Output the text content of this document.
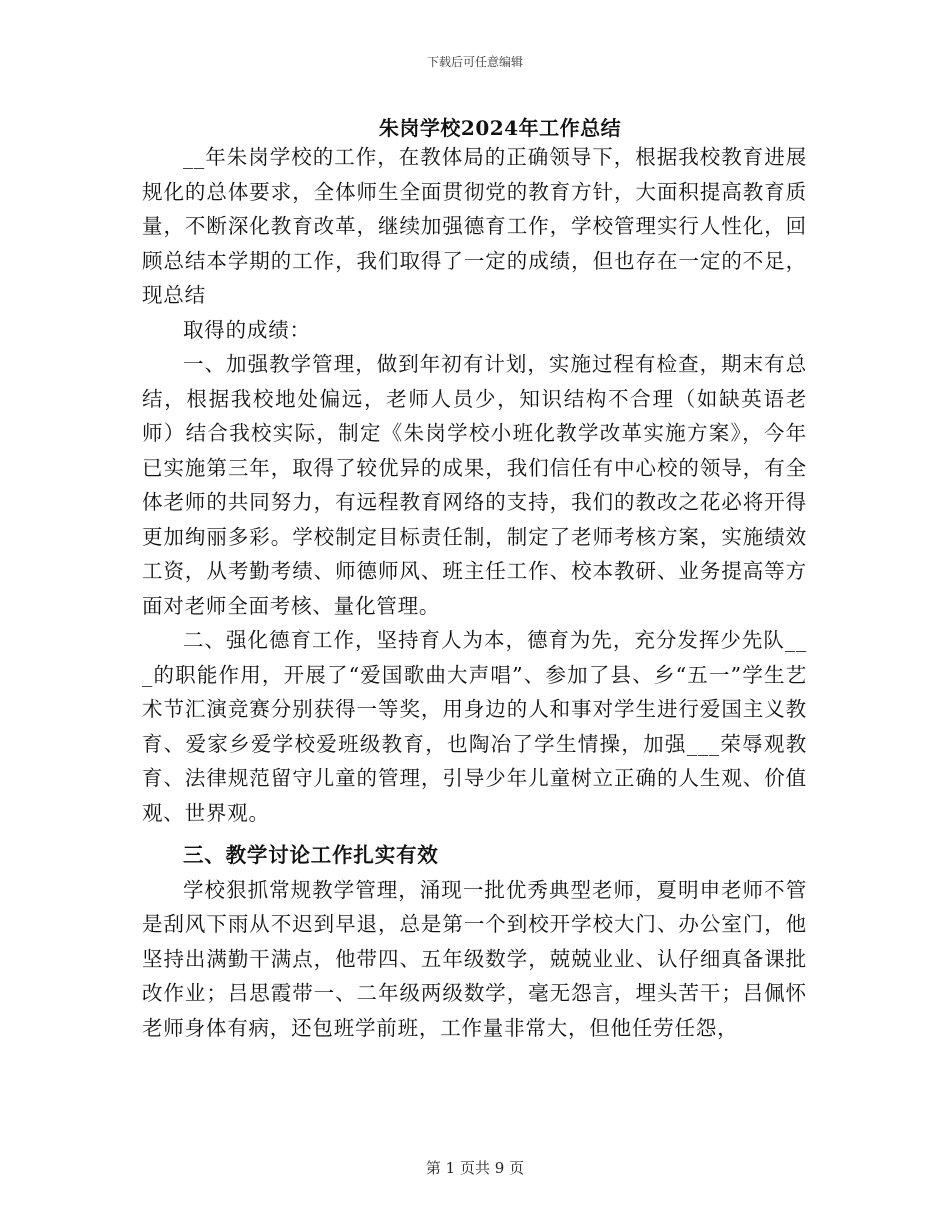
下载后可任意编辑
朱岗学校2024年工作总结

__年朱岗学校的工作，在教体局的正确领导下，根据我校教育进展规化的总体要求，全体师生全面贯彻党的教育方针，大面积提高教育质量，不断深化教育改革，继续加强德育工作，学校管理实行人性化，回顾总结本学期的工作，我们取得了一定的成绩，但也存在一定的不足，现总结

取得的成绩：

一、加强教学管理，做到年初有计划，实施过程有检查，期末有总结，根据我校地处偏远，老师人员少，知识结构不合理（如缺英语老师）结合我校实际，制定《朱岗学校小班化教学改革实施方案》，今年已实施第三年，取得了较优异的成果，我们信任有中心校的领导，有全体老师的共同努力，有远程教育网络的支持，我们的教改之花必将开得更加绚丽多彩。学校制定目标责任制，制定了老师考核方案，实施绩效工资，从考勤考绩、师德师风、班主任工作、校本教研、业务提高等方面对老师全面考核、量化管理。

二、强化德育工作，坚持育人为本，德育为先，充分发挥少先队___的职能作用，开展了“爱国歌曲大声唱”、参加了县、乡“五一”学生艺术节汇演竞赛分别获得一等奖，用身边的人和事对学生进行爱国主义教育、爱家乡爱学校爱班级教育，也陶冶了学生情操，加强___荣辱观教育、法律规范留守儿童的管理，引导少年儿童树立正确的人生观、价值观、世界观。

三、教学讨论工作扎实有效

学校狠抓常规教学管理，涌现一批优秀典型老师，夏明申老师不管是刮风下雨从不迟到早退，总是第一个到校开学校大门、办公室门，他坚持出满勤干满点，他带四、五年级数学，兢兢业业、认仔细真备课批改作业；吕思霞带一、二年级两级数学，毫无怨言，埋头苦干；吕佩怀老师身体有病，还包班学前班，工作量非常大，但他任劳任怨，

第 1 页共 9 页
